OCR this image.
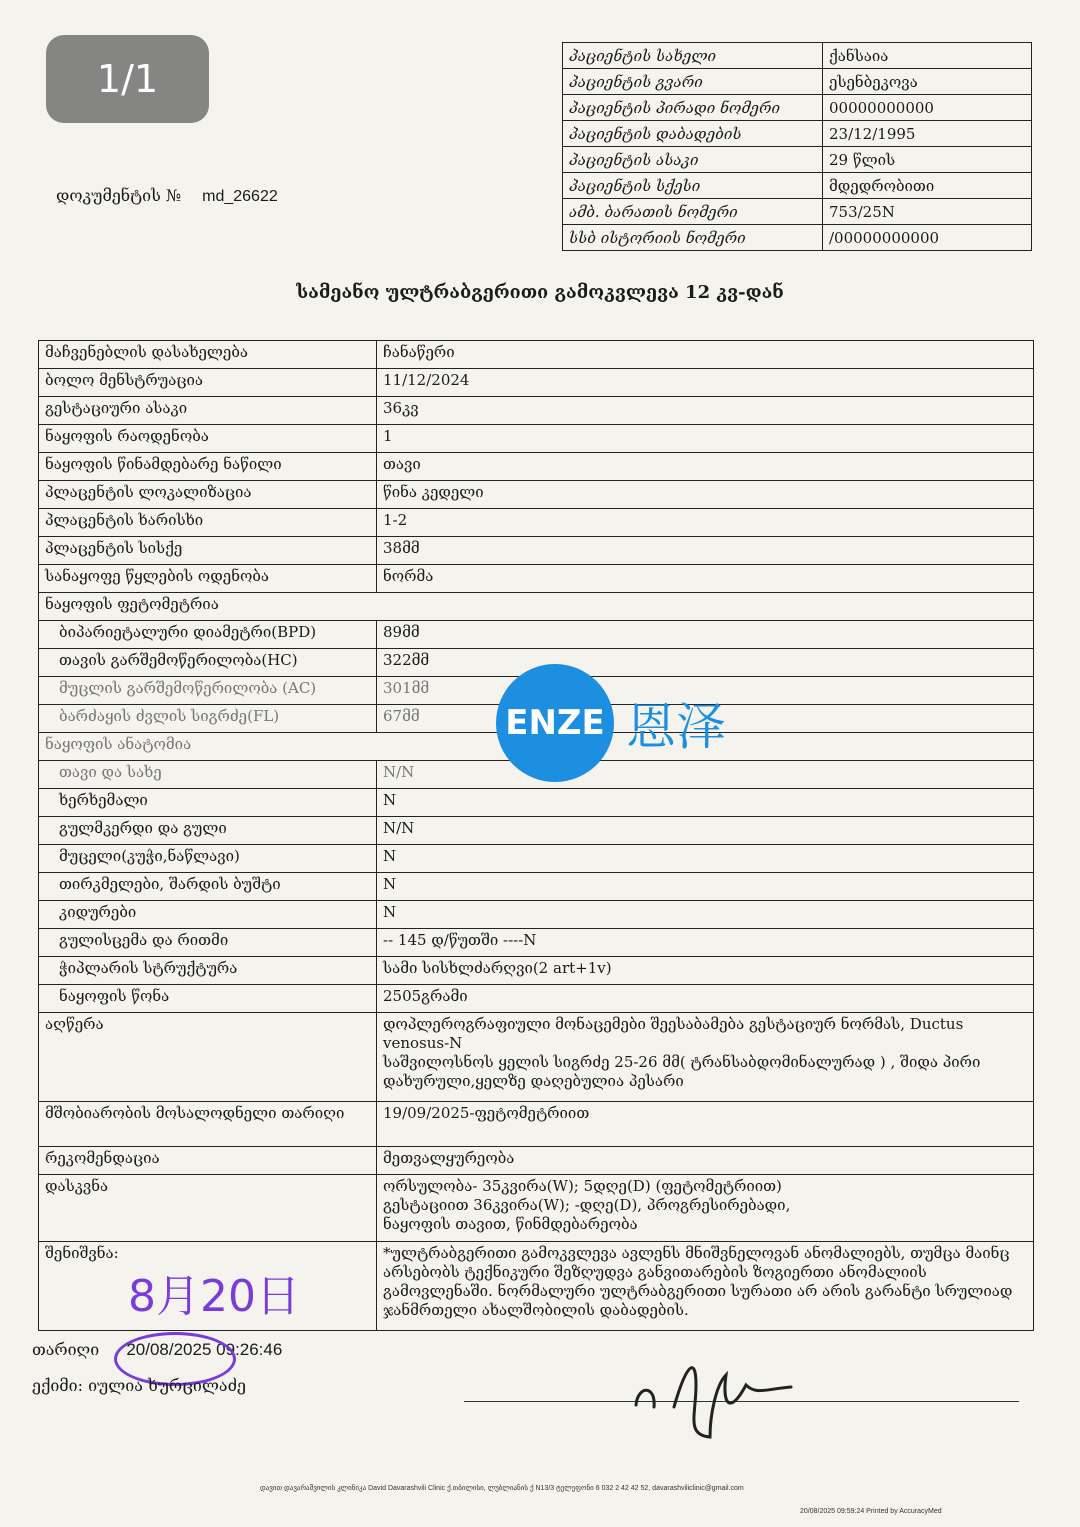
1/1
დოკუმენტის № md_26622
პაციენტის სახელი	ქანსაია
პაციენტის გვარი	ესენბეკოვა
პაციენტის პირადი ნომერი	00000000000
პაციენტის დაბადების	23/12/1995
პაციენტის ასაკი	29 წლის
პაციენტის სქესი	მდედრობითი
ამბ. ბარათის ნომერი	753/25N
სსბ ისტორიის ნომერი	/00000000000
სამეანო ულტრაბგერითი გამოკვლევა 12 კვ-დან
მაჩვენებლის დასახელება	ჩანაწერი
ბოლო მენსტრუაცია	11/12/2024
გესტაციური ასაკი	36კვ
ნაყოფის რაოდენობა	1
ნაყოფის წინამდებარე ნაწილი	თავი
პლაცენტის ლოკალიზაცია	წინა კედელი
პლაცენტის ხარისხი	1-2
პლაცენტის სისქე	38მმ
სანაყოფე წყლების ოდენობა	ნორმა
ნაყოფის ფეტომეტრია	
ბიპარიეტალური დიამეტრი(BPD)	89მმ
თავის გარშემოწერილობა(HC)	322მმ
მუცლის გარშემოწერილობა (AC)	301მმ
ბარძაყის ძვლის სიგრძე(FL)	67მმ
ნაყოფის ანატომია	
თავი და სახე	N/N
ხერხემალი	N
გულმკერდი და გული	N/N
მუცელი(კუჭი,ნაწლავი)	N
თირკმელები, შარდის ბუშტი	N
კიდურები	N
გულისცემა და რითმი	-- 145 დ/წუთში ----N
ჭიპლარის სტრუქტურა	სამი სისხლძარღვი(2 art+1v)
ნაყოფის წონა	2505გრამი
აღწერა	დოპლეროგრაფიული მონაცემები შეესაბამება გესტაციურ ნორმას, Ductus venosus-N
საშვილოსნოს ყელის სიგრძე 25-26 მმ( ტრანსაბდომინალურად ) , შიდა პირი დახურული,ყელზე დაღებულია პესარი

მშობიარობის მოსალოდნელი თარიღი	19/09/2025-ფეტომეტრიით
რეკომენდაცია	მეთვალყურეობა
დასკვნა	ორსულობა- 35კვირა(W); 5დღე(D) (ფეტომეტრიით)
გესტაციით 36კვირა(W); -დღე(D), პროგრესირებადი,
ნაყოფის თავით, წინმდებარეობა

შენიშვნა:	*ულტრაბგერითი გამოკვლევა ავლენს მნიშვნელოვან ანომალიებს, თუმცა მაინც არსებობს ტექნიკური შეზღუდვა განვითარების ზოგიერთი ანომალიის გამოვლენაში. ნორმალური ულტრაბგერითი სურათი არ არის გარანტი სრულიად ჯანმრთელი ახალშობილის დაბადების.
ENZE 恩泽
8月20日
თარიღი 20/08/2025 09:26:46
ექიმი: იულია ხურცილაძე
დავით დავარაშვილის კლინიკა David Davarashvili Clinic ქ.თბილისი, ლუბლიანის ქ N13/3 ტელეფონი 6 032 2 42 42 52, davarashviliclinic@gmail.com
20/08/2025 09:59:24 Printed by AccuracyMed
